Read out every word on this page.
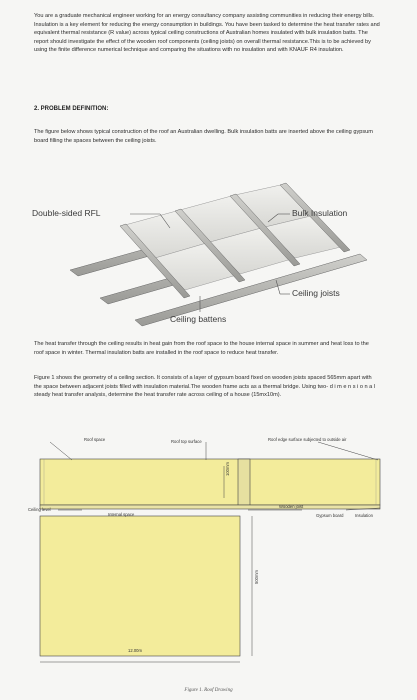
You are a graduate mechanical engineer working for an energy consultancy company assisting communities in reducing their energy bills. Insulation is a key element for reducing the energy consumption in buildings. You have been tasked to determine the heat transfer rates and equivalent thermal resistance (R value) across typical ceiling constructions of Australian homes insulated with bulk insulation batts. The report should investigate the effect of the wooden roof components (ceiling joists) on overall thermal resistance.This is to be achieved by using the finite difference numerical technique and comparing the situations with no insulation and with KNAUF R4 insulation.
2. PROBLEM DEFINITION:
The figure below shows typical construction of the roof an Australian dwelling. Bulk insulation batts are inserted above the ceiling gypsum board filling the spaces between the ceiling joists.
Double-sided RFL	Bulk Insulation
Ceiling joists
Ceiling battens
The heat transfer through the ceiling results in heat gain from the roof space to the house internal space in summer and heat loss to the roof space in winter. Thermal insulation batts are installed in the roof space to reduce heat transfer.
Figure 1 shows the geometry of a ceiling section. It consists of a layer of gypsum board fixed on wooden joists spaced 565mm apart with the space between adjacent joists filled with insulation material.The wooden frame acts as a thermal bridge. Using two- d i m e n s i o n a l steady heat transfer analysis, determine the heat transfer rate across ceiling of a house (15mx10m).
Roof space	Roof top surface	Roof edge surface subjected to outside air
Ceiling level
Internal space
Wooden joist
Gypsum board	Insulation
100mm
500mm
12.00m
Figure 1. Roof Drawing
